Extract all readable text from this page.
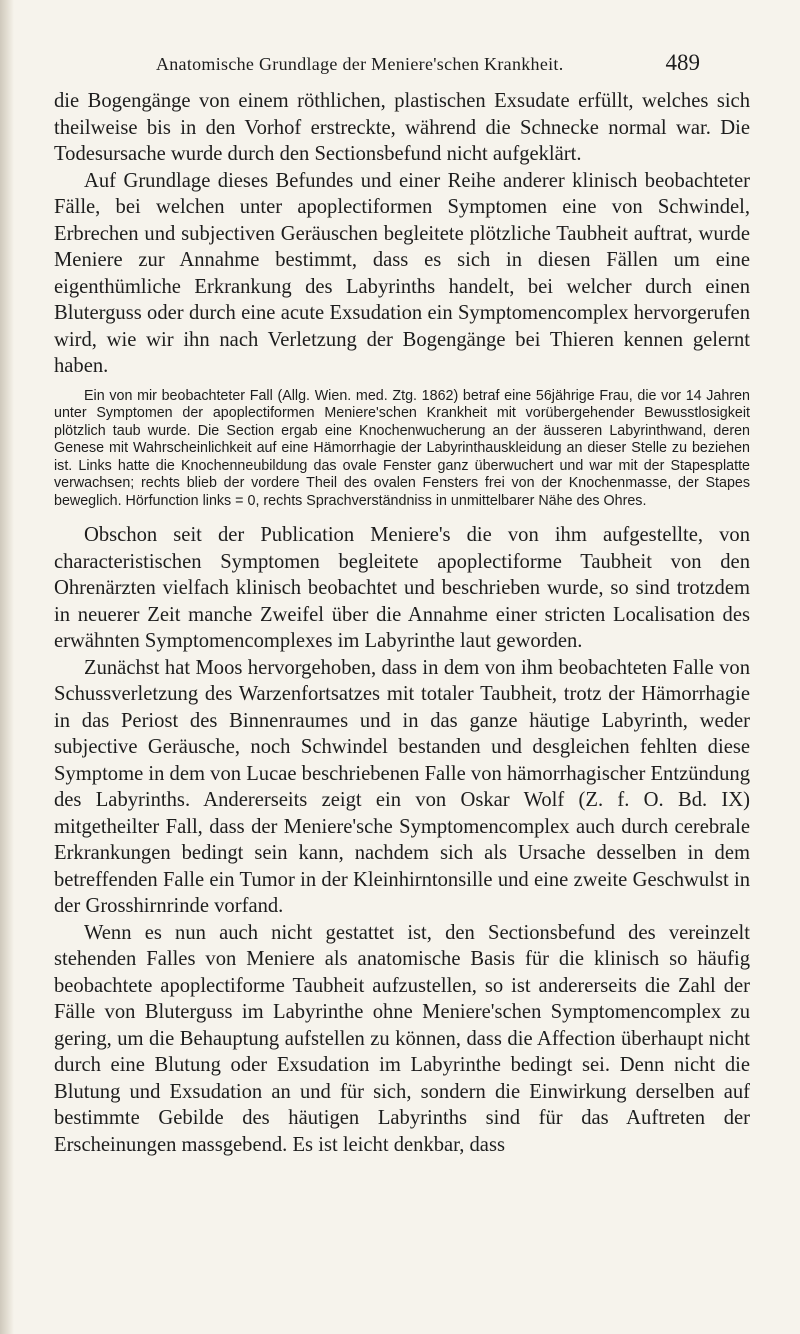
Anatomische Grundlage der Meniere'schen Krankheit.	489

die Bogengänge von einem röthlichen, plastischen Exsudate erfüllt, welches sich theilweise bis in den Vorhof erstreckte, während die Schnecke normal war. Die Todesursache wurde durch den Sectionsbefund nicht aufgeklärt.

Auf Grundlage dieses Befundes und einer Reihe anderer klinisch beobachteter Fälle, bei welchen unter apoplectiformen Symptomen eine von Schwindel, Erbrechen und subjectiven Geräuschen begleitete plötzliche Taubheit auftrat, wurde Meniere zur Annahme bestimmt, dass es sich in diesen Fällen um eine eigenthümliche Erkrankung des Labyrinths handelt, bei welcher durch einen Bluterguss oder durch eine acute Exsudation ein Symptomencomplex hervorgerufen wird, wie wir ihn nach Verletzung der Bogengänge bei Thieren kennen gelernt haben.

Ein von mir beobachteter Fall (Allg. Wien. med. Ztg. 1862) betraf eine 56jährige Frau, die vor 14 Jahren unter Symptomen der apoplectiformen Meniere'schen Krankheit mit vorübergehender Bewusstlosigkeit plötzlich taub wurde. Die Section ergab eine Knochenwucherung an der äusseren Labyrinthwand, deren Genese mit Wahrscheinlichkeit auf eine Hämorrhagie der Labyrinthauskleidung an dieser Stelle zu beziehen ist. Links hatte die Knochenneubildung das ovale Fenster ganz überwuchert und war mit der Stapesplatte verwachsen; rechts blieb der vordere Theil des ovalen Fensters frei von der Knochenmasse, der Stapes beweglich. Hörfunction links = 0, rechts Sprachverständniss in unmittelbarer Nähe des Ohres.

Obschon seit der Publication Meniere's die von ihm aufgestellte, von characteristischen Symptomen begleitete apoplectiforme Taubheit von den Ohrenärzten vielfach klinisch beobachtet und beschrieben wurde, so sind trotzdem in neuerer Zeit manche Zweifel über die Annahme einer stricten Localisation des erwähnten Symptomencomplexes im Labyrinthe laut geworden.

Zunächst hat Moos hervorgehoben, dass in dem von ihm beobachteten Falle von Schussverletzung des Warzenfortsatzes mit totaler Taubheit, trotz der Hämorrhagie in das Periost des Binnenraumes und in das ganze häutige Labyrinth, weder subjective Geräusche, noch Schwindel bestanden und desgleichen fehlten diese Symptome in dem von Lucae beschriebenen Falle von hämorrhagischer Entzündung des Labyrinths. Andererseits zeigt ein von Oskar Wolf (Z. f. O. Bd. IX) mitgetheilter Fall, dass der Meniere'sche Symptomencomplex auch durch cerebrale Erkrankungen bedingt sein kann, nachdem sich als Ursache desselben in dem betreffenden Falle ein Tumor in der Kleinhirntonsille und eine zweite Geschwulst in der Grosshirnrinde vorfand.

Wenn es nun auch nicht gestattet ist, den Sectionsbefund des vereinzelt stehenden Falles von Meniere als anatomische Basis für die klinisch so häufig beobachtete apoplectiforme Taubheit aufzustellen, so ist andererseits die Zahl der Fälle von Bluterguss im Labyrinthe ohne Meniere'schen Symptomencomplex zu gering, um die Behauptung aufstellen zu können, dass die Affection überhaupt nicht durch eine Blutung oder Exsudation im Labyrinthe bedingt sei. Denn nicht die Blutung und Exsudation an und für sich, sondern die Einwirkung derselben auf bestimmte Gebilde des häutigen Labyrinths sind für das Auftreten der Erscheinungen massgebend. Es ist leicht denkbar, dass
